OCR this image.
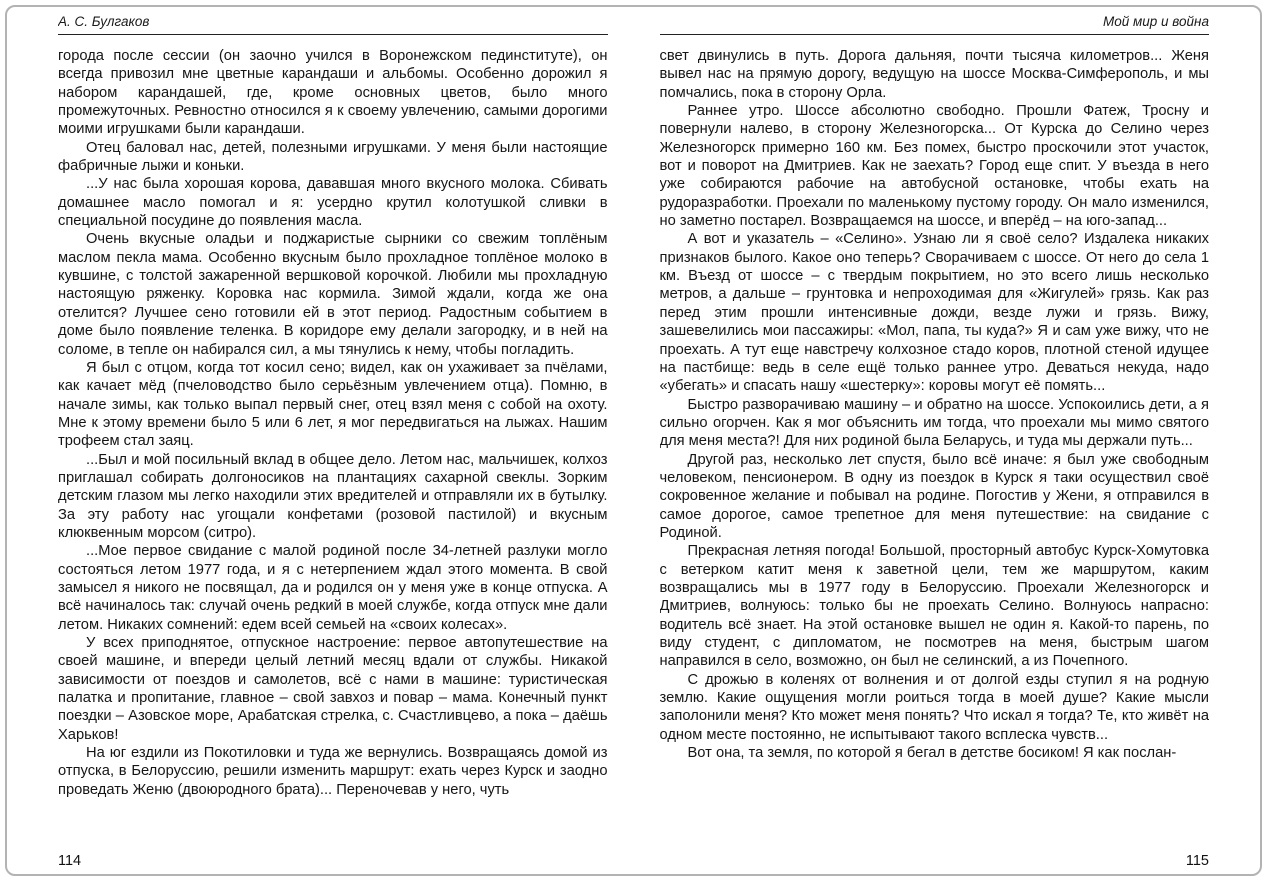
А. С. Булгаков

города после сессии (он заочно учился в Воронежском пединституте), он всегда привозил мне цветные карандаши и альбомы. Особенно дорожил я набором карандашей, где, кроме основных цветов, было много промежуточных. Ревностно относился я к своему увлечению, самыми дорогими моими игрушками были карандаши.

Отец баловал нас, детей, полезными игрушками. У меня были настоящие фабричные лыжи и коньки.

...У нас была хорошая корова, дававшая много вкусного молока. Сбивать домашнее масло помогал и я: усердно крутил колотушкой сливки в специальной посудине до появления масла.

Очень вкусные оладьи и поджаристые сырники со свежим топлёным маслом пекла мама. Особенно вкусным было прохладное топлёное молоко в кувшине, с толстой зажаренной вершковой корочкой. Любили мы прохладную настоящую ряженку. Коровка нас кормила. Зимой ждали, когда же она отелится? Лучшее сено готовили ей в этот период. Радостным событием в доме было появление теленка. В коридоре ему делали загородку, и в ней на соломе, в тепле он набирался сил, а мы тянулись к нему, чтобы погладить.

Я был с отцом, когда тот косил сено; видел, как он ухаживает за пчёлами, как качает мёд (пчеловодство было серьёзным увлечением отца). Помню, в начале зимы, как только выпал первый снег, отец взял меня с собой на охоту. Мне к этому времени было 5 или 6 лет, я мог передвигаться на лыжах. Нашим трофеем стал заяц.

...Был и мой посильный вклад в общее дело. Летом нас, мальчишек, колхоз приглашал собирать долгоносиков на плантациях сахарной свеклы. Зорким детским глазом мы легко находили этих вредителей и отправляли их в бутылку. За эту работу нас угощали конфетами (розовой пастилой) и вкусным клюквенным морсом (ситро).

...Мое первое свидание с малой родиной после 34-летней разлуки могло состояться летом 1977 года, и я с нетерпением ждал этого момента. В свой замысел я никого не посвящал, да и родился он у меня уже в конце отпуска. А всё начиналось так: случай очень редкий в моей службе, когда отпуск мне дали летом. Никаких сомнений: едем всей семьей на «своих колесах».

У всех приподнятое, отпускное настроение: первое автопутешествие на своей машине, и впереди целый летний месяц вдали от службы. Никакой зависимости от поездов и самолетов, всё с нами в машине: туристическая палатка и пропитание, главное – свой завхоз и повар – мама. Конечный пункт поездки – Азовское море, Арабатская стрелка, с. Счастливцево, а пока – даёшь Харьков!

На юг ездили из Покотиловки и туда же вернулись. Возвращаясь домой из отпуска, в Белоруссию, решили изменить маршрут: ехать через Курск и заодно проведать Женю (двоюродного брата)... Переночевав у него, чуть

114
Мой мир и война

свет двинулись в путь. Дорога дальняя, почти тысяча километров... Женя вывел нас на прямую дорогу, ведущую на шоссе Москва-Симферополь, и мы помчались, пока в сторону Орла.

Раннее утро. Шоссе абсолютно свободно. Прошли Фатеж, Тросну и повернули налево, в сторону Железногорска... От Курска до Селино через Железногорск примерно 160 км. Без помех, быстро проскочили этот участок, вот и поворот на Дмитриев. Как не заехать? Город еще спит. У въезда в него уже собираются рабочие на автобусной остановке, чтобы ехать на рудоразработки. Проехали по маленькому пустому городу. Он мало изменился, но заметно постарел. Возвращаемся на шоссе, и вперёд – на юго-запад...

А вот и указатель – «Селино». Узнаю ли я своё село? Издалека никаких признаков былого. Какое оно теперь? Сворачиваем с шоссе. От него до села 1 км. Въезд от шоссе – с твердым покрытием, но это всего лишь несколько метров, а дальше – грунтовка и непроходимая для «Жигулей» грязь. Как раз перед этим прошли интенсивные дожди, везде лужи и грязь. Вижу, зашевелились мои пассажиры: «Мол, папа, ты куда?» Я и сам уже вижу, что не проехать. А тут еще навстречу колхозное стадо коров, плотной стеной идущее на пастбище: ведь в селе ещё только раннее утро. Деваться некуда, надо «убегать» и спасать нашу «шестерку»: коровы могут её помять...

Быстро разворачиваю машину – и обратно на шоссе. Успокоились дети, а я сильно огорчен. Как я мог объяснить им тогда, что проехали мы мимо святого для меня места?! Для них родиной была Беларусь, и туда мы держали путь...

Другой раз, несколько лет спустя, было всё иначе: я был уже свободным человеком, пенсионером. В одну из поездок в Курск я таки осуществил своё сокровенное желание и побывал на родине. Погостив у Жени, я отправился в самое дорогое, самое трепетное для меня путешествие: на свидание с Родиной.

Прекрасная летняя погода! Большой, просторный автобус Курск-Хомутовка с ветерком катит меня к заветной цели, тем же маршрутом, каким возвращались мы в 1977 году в Белоруссию. Проехали Железногорск и Дмитриев, волнуюсь: только бы не проехать Селино. Волнуюсь напрасно: водитель всё знает. На этой остановке вышел не один я. Какой-то парень, по виду студент, с дипломатом, не посмотрев на меня, быстрым шагом направился в село, возможно, он был не селинский, а из Почепного.

С дрожью в коленях от волнения и от долгой езды ступил я на родную землю. Какие ощущения могли роиться тогда в моей душе? Какие мысли заполонили меня? Кто может меня понять? Что искал я тогда? Те, кто живёт на одном месте постоянно, не испытывают такого всплеска чувств...

Вот она, та земля, по которой я бегал в детстве босиком! Я как послан-

115
